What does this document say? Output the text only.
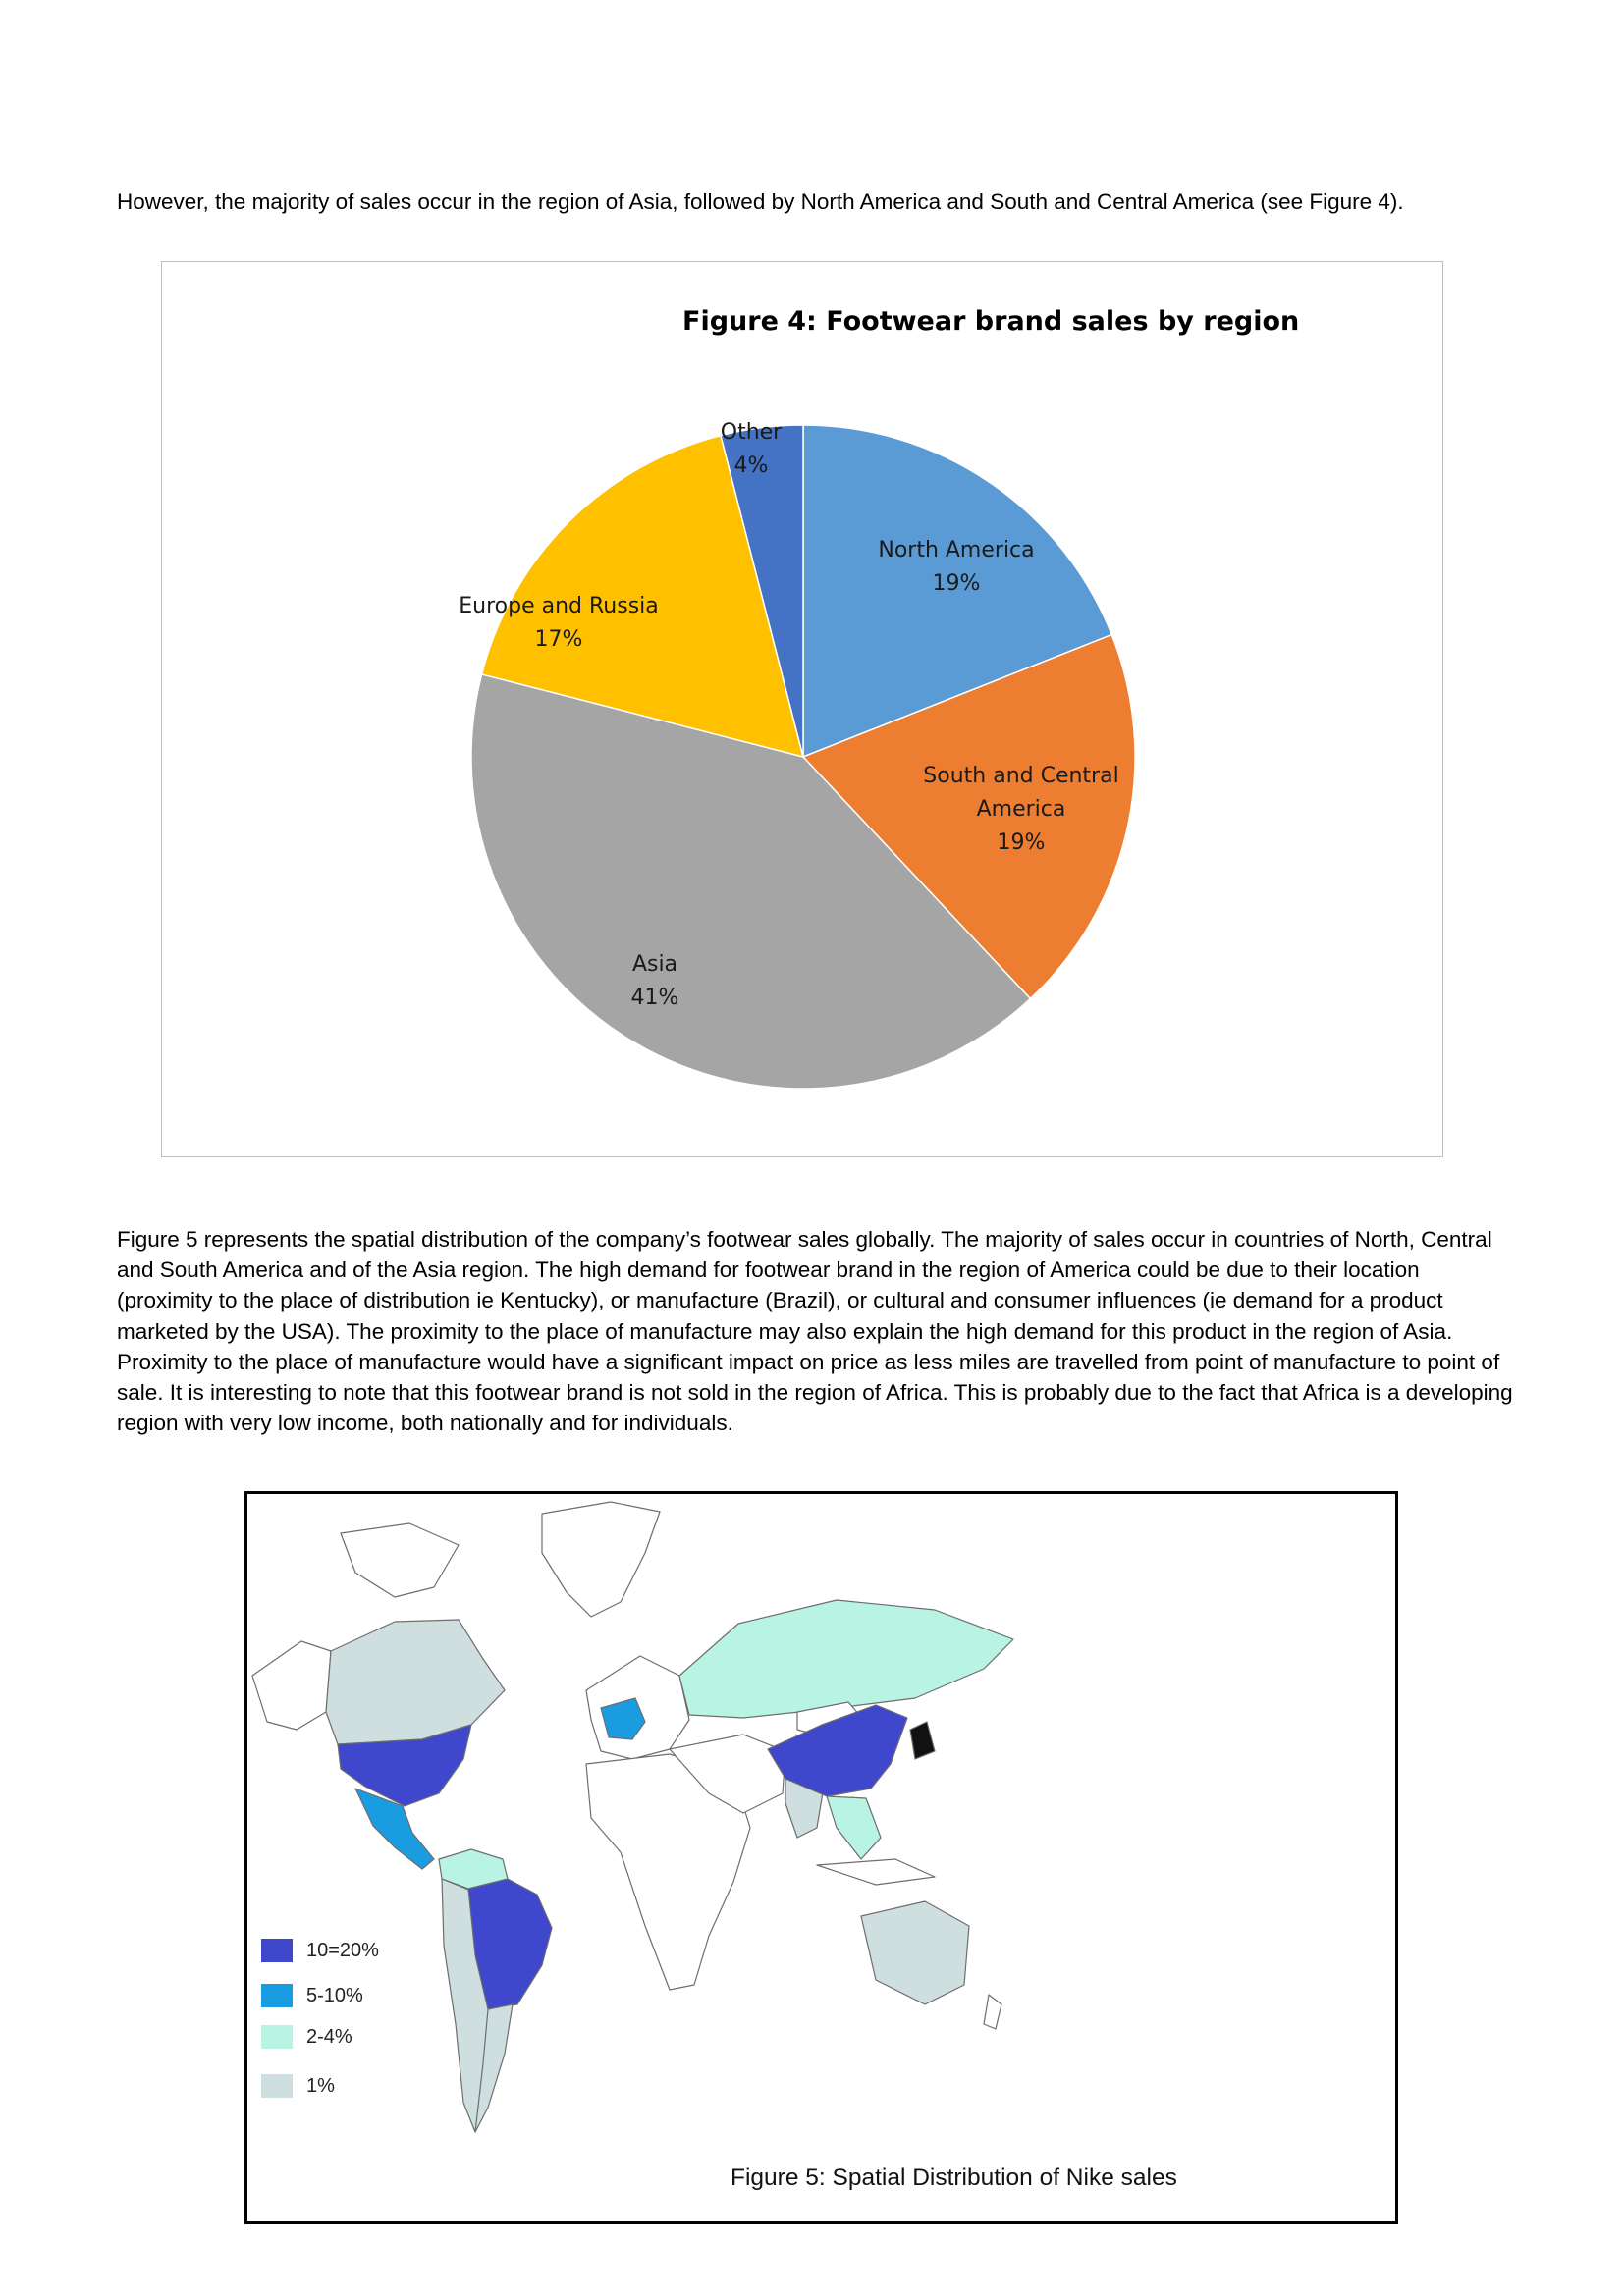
However, the majority of sales occur in the region of Asia, followed by North America and South and Central America (see Figure 4).

North America 19%
South and Central America 19%
Asia 41%
Europe and Russia 17%
Other 4%
Figure 4: Footwear brand sales by region

Figure 5 represents the spatial distribution of the company’s footwear sales globally. The majority of sales occur in countries of North, Central and South America and of the Asia region. The high demand for footwear brand in the region of America could be due to their location (proximity to the place of distribution ie Kentucky), or manufacture (Brazil), or cultural and consumer influences (ie demand for a product marketed by the USA). The proximity to the place of manufacture may also explain the high demand for this product in the region of Asia. Proximity to the place of manufacture would have a significant impact on price as less miles are travelled from point of manufacture to point of sale. It is interesting to note that this footwear brand is not sold in the region of Africa. This is probably due to the fact that Africa is a developing region with very low income, both nationally and for individuals.

10=20%
5-10%
2-4%
1%
Figure 5: Spatial Distribution of Nike sales
